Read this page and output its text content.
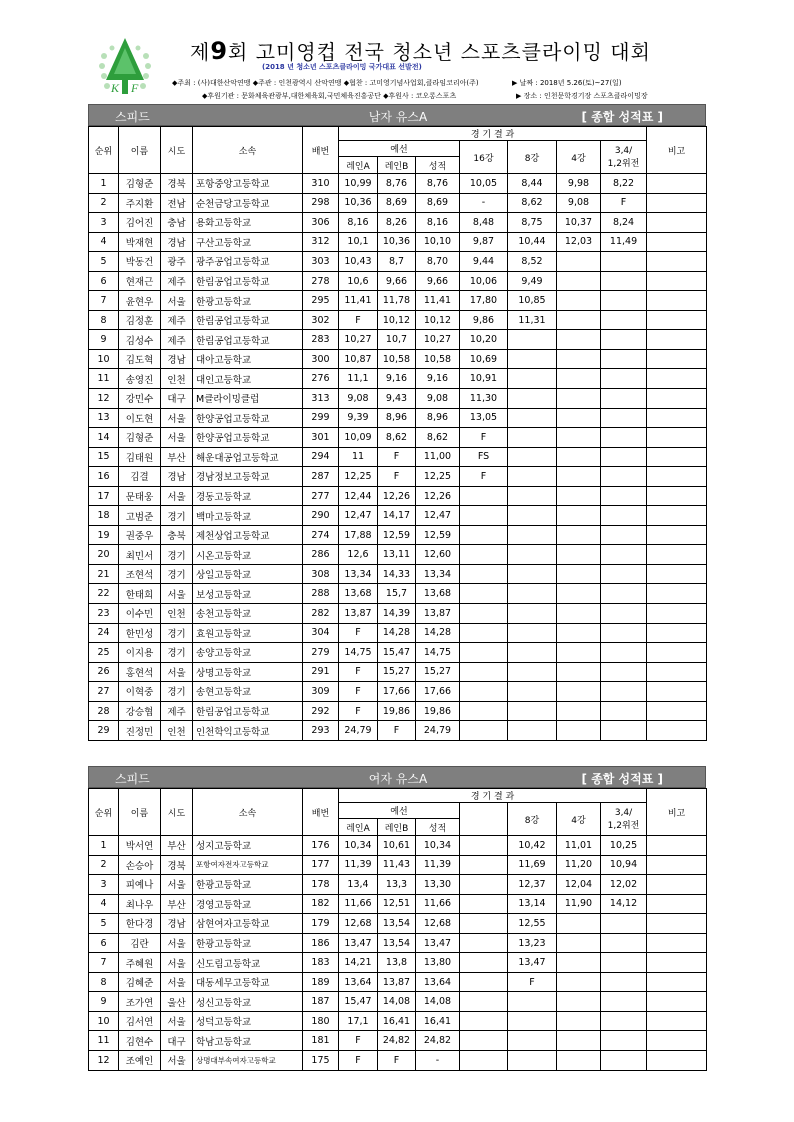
K F
제9회 고미영컵 전국 청소년 스포츠클라이밍 대회
(2018 년 청소년 스포츠클라이밍 국가대표 선발전)
◆주최 : (사)대한산악연맹 ◆주관 : 인천광역시 산악연맹 ◆협찬 : 고미영기념사업회,클라임코리아(주)	▶ 날짜 : 2018년 5.26(토)~27(일)
◆후원기관 : 문화체육관광부,대한체육회,국민체육진흥공단 ◆후원사 : 코오롱스포츠	▶ 장소 : 인천문학경기장 스포츠클라이밍장
남자 유스A
스피드	[ 종합 성적표 ]
순위	이름	시도	소속	배번	경 기 결 과							비고
					예선			16강	8강	4강	3,4/
1,2위전	
					레인A	레인B	성적					
1	김형준	경북	포항중앙고등학교	310	10,99	8,76	8,76	10,05	8,44	9,98	8,22	
2	주지환	전남	순천금당고등학교	298	10,36	8,69	8,69	-	8,62	9,08	F	
3	김어진	충남	용화고등학교	306	8,16	8,26	8,16	8,48	8,75	10,37	8,24	
4	박재현	경남	구산고등학교	312	10,1	10,36	10,10	9,87	10,44	12,03	11,49	
5	박동건	광주	광주공업고등학교	303	10,43	8,7	8,70	9,44	8,52			
6	현재근	제주	한림공업고등학교	278	10,6	9,66	9,66	10,06	9,49			
7	윤현우	서울	한광고등학교	295	11,41	11,78	11,41	17,80	10,85			
8	김정훈	제주	한림공업고등학교	302	F	10,12	10,12	9,86	11,31			
9	김성수	제주	한림공업고등학교	283	10,27	10,7	10,27	10,20				
10	김도혁	경남	대아고등학교	300	10,87	10,58	10,58	10,69				
11	송영진	인천	대인고등학교	276	11,1	9,16	9,16	10,91				
12	강민수	대구	M클라이밍클럽	313	9,08	9,43	9,08	11,30				
13	이도현	서울	한양공업고등학교	299	9,39	8,96	8,96	13,05				
14	김형준	서울	한양공업고등학교	301	10,09	8,62	8,62	F				
15	김태원	부산	해운대공업고등학교	294	11	F	11,00	FS				
16	김결	경남	경남정보고등학교	287	12,25	F	12,25	F				
17	문태웅	서울	경동고등학교	277	12,44	12,26	12,26					
18	고범준	경기	백마고등학교	290	12,47	14,17	12,47					
19	권중우	충북	제천상업고등학교	274	17,88	12,59	12,59					
20	최민서	경기	시온고등학교	286	12,6	13,11	12,60					
21	조현석	경기	상일고등학교	308	13,34	14,33	13,34					
22	한태희	서울	보성고등학교	288	13,68	15,7	13,68					
23	이수민	인천	송천고등학교	282	13,87	14,39	13,87					
24	한민성	경기	효원고등학교	304	F	14,28	14,28					
25	이지용	경기	송양고등학교	279	14,75	15,47	14,75					
26	홍현석	서울	상명고등학교	291	F	15,27	15,27					
27	이혁중	경기	송현고등학교	309	F	17,66	17,66					
28	강승협	제주	한림공업고등학교	292	F	19,86	19,86					
29	진정민	인천	인천학익고등학교	293	24,79	F	24,79					
여자 유스A
스피드	[ 종합 성적표 ]
순위	이름	시도	소속	배번	경 기 결 과							비고
					예선				8강	4강	3,4/
1,2위전	
					레인A	레인B	성적					
1	박서연	부산	성지고등학교	176	10,34	10,61	10,34		10,42	11,01	10,25	
2	손승아	경북	포항여자전자고등학교	177	11,39	11,43	11,39		11,69	11,20	10,94	
3	피예나	서울	한광고등학교	178	13,4	13,3	13,30		12,37	12,04	12,02	
4	최나우	부산	경영고등학교	182	11,66	12,51	11,66		13,14	11,90	14,12	
5	한다경	경남	삼현여자고등학교	179	12,68	13,54	12,68		12,55			
6	김란	서울	한광고등학교	186	13,47	13,54	13,47		13,23			
7	주혜원	서울	신도림고등학교	183	14,21	13,8	13,80		13,47			
8	김혜준	서울	대동세무고등학교	189	13,64	13,87	13,64		F			
9	조가연	울산	성신고등학교	187	15,47	14,08	14,08					
10	김서연	서울	성덕고등학교	180	17,1	16,41	16,41					
11	김현수	대구	학남고등학교	181	F	24,82	24,82					
12	조예인	서울	상명대부속여자고등학교	175	F	F	-					
